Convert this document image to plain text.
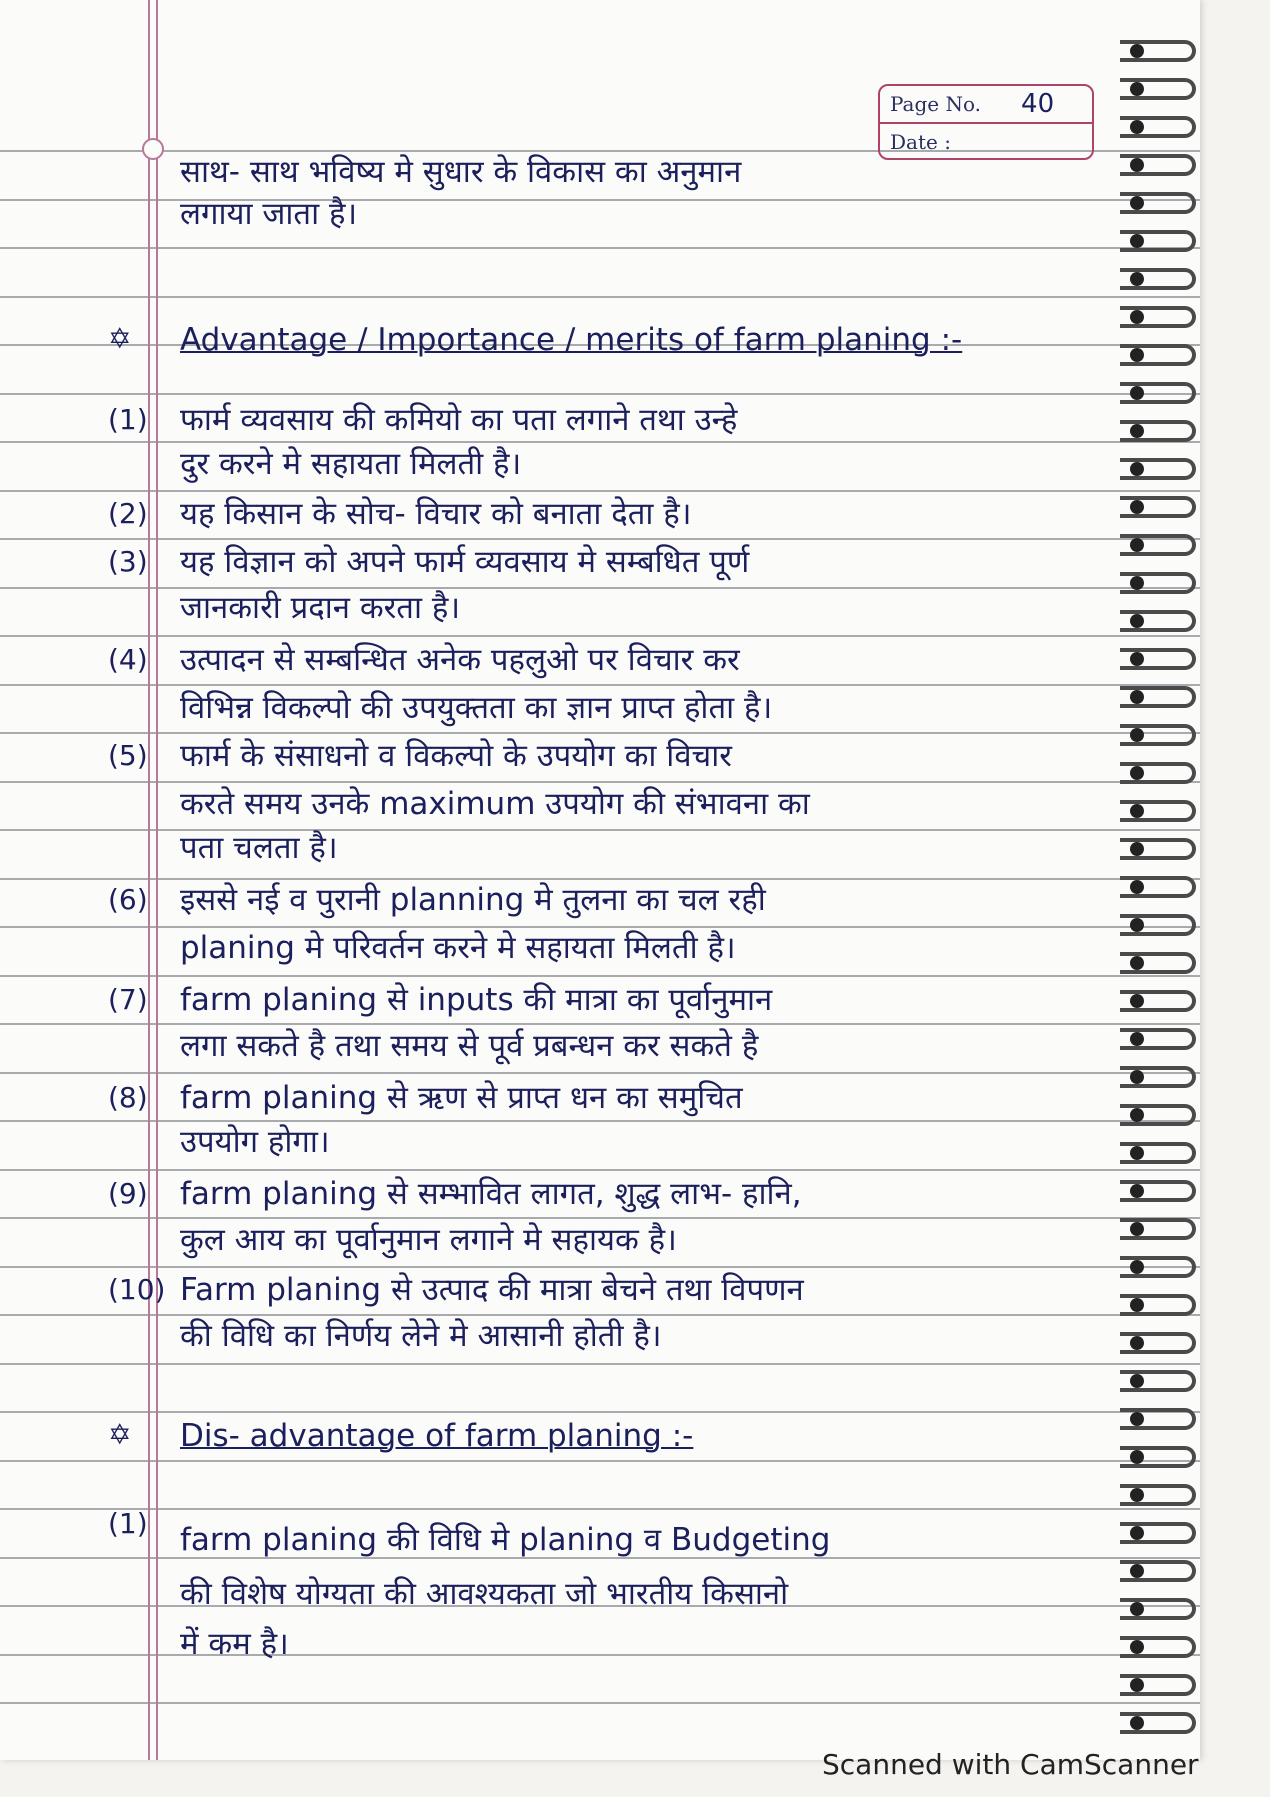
Page No. 40
Date :
साथ- साथ भविष्य मे सुधार के विकास का अनुमान
लगाया जाता है।
✡ Advantage / Importance / merits of farm planing :-
(1) फार्म व्यवसाय की कमियो का पता लगाने तथा उन्हे
दुर करने मे सहायता मिलती है।
(2) यह किसान के सोच- विचार को बनाता देता है।
(3) यह विज्ञान को अपने फार्म व्यवसाय मे सम्बधित पूर्ण
जानकारी प्रदान करता है।
(4) उत्पादन से सम्बन्धित अनेक पहलुओ पर विचार कर
विभिन्न विकल्पो की उपयुक्तता का ज्ञान प्राप्त होता है।
(5) फार्म के संसाधनो व विकल्पो के उपयोग का विचार
करते समय उनके maximum उपयोग की संभावना का
पता चलता है।
(6) इससे नई व पुरानी planning मे तुलना का चल रही
planing मे परिवर्तन करने मे सहायता मिलती है।
(7) farm planing से inputs की मात्रा का पूर्वानुमान
लगा सकते है तथा समय से पूर्व प्रबन्धन कर सकते है
(8) farm planing से ऋण से प्राप्त धन का समुचित
उपयोग होगा।
(9) farm planing से सम्भावित लागत, शुद्ध लाभ- हानि,
कुल आय का पूर्वानुमान लगाने मे सहायक है।
(10) Farm planing से उत्पाद की मात्रा बेचने तथा विपणन
की विधि का निर्णय लेने मे आसानी होती है।
✡ Dis- advantage of farm planing :-
(1) farm planing की विधि मे planing व Budgeting
की विशेष योग्यता की आवश्यकता जो भारतीय किसानो
में कम है।
Scanned with CamScanner
